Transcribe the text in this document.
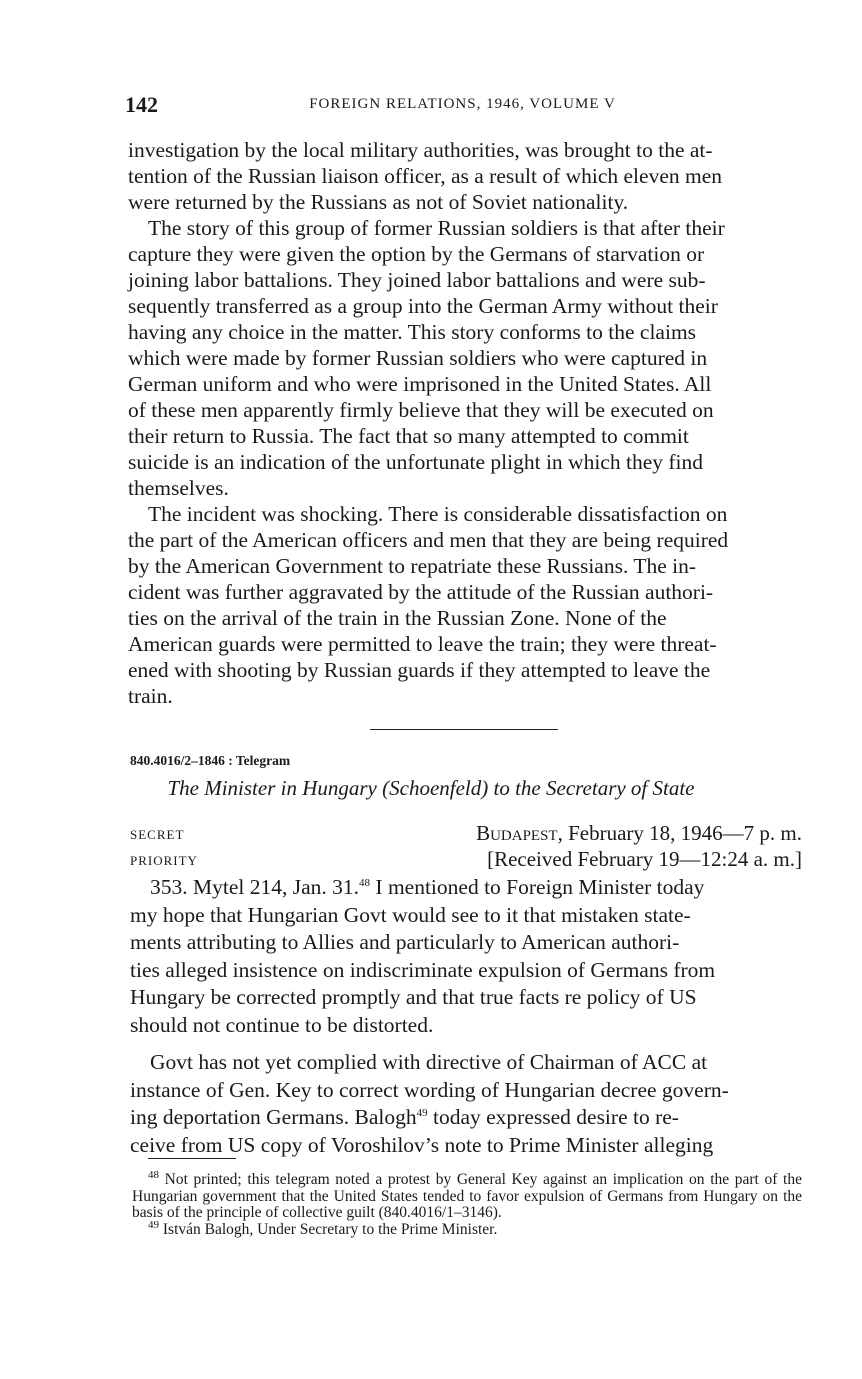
142	FOREIGN RELATIONS, 1946, VOLUME V

investigation by the local military authorities, was brought to the at-
tention of the Russian liaison officer, as a result of which eleven men
were returned by the Russians as not of Soviet nationality.

The story of this group of former Russian soldiers is that after their
capture they were given the option by the Germans of starvation or
joining labor battalions. They joined labor battalions and were sub-
sequently transferred as a group into the German Army without their
having any choice in the matter. This story conforms to the claims
which were made by former Russian soldiers who were captured in
German uniform and who were imprisoned in the United States. All
of these men apparently firmly believe that they will be executed on
their return to Russia. The fact that so many attempted to commit
suicide is an indication of the unfortunate plight in which they find
themselves.

The incident was shocking. There is considerable dissatisfaction on
the part of the American officers and men that they are being required
by the American Government to repatriate these Russians. The in-
cident was further aggravated by the attitude of the Russian authori-
ties on the arrival of the train in the Russian Zone. None of the
American guards were permitted to leave the train; they were threat-
ened with shooting by Russian guards if they attempted to leave the
train.

840.4016/2–1846 : Telegram
The Minister in Hungary (Schoenfeld) to the Secretary of State
SECRET	Budapest, February 18, 1946—7 p. m.
PRIORITY	[Received February 19—12:24 a. m.]

353. Mytel 214, Jan. 31.48 I mentioned to Foreign Minister today
my hope that Hungarian Govt would see to it that mistaken state-
ments attributing to Allies and particularly to American authori-
ties alleged insistence on indiscriminate expulsion of Germans from
Hungary be corrected promptly and that true facts re policy of US
should not continue to be distorted.

Govt has not yet complied with directive of Chairman of ACC at
instance of Gen. Key to correct wording of Hungarian decree govern-
ing deportation Germans. Balogh$^{49}$ today expressed desire to re-
ceive from US copy of Voroshilov’s note to Prime Minister alleging

$^{48}$ Not printed; this telegram noted a protest by General Key against an implication on the part of the Hungarian government that the United States tended to favor expulsion of Germans from Hungary on the basis of the principle of collective guilt (840.4016/1–3146).

$^{49}$ István Balogh, Under Secretary to the Prime Minister.
